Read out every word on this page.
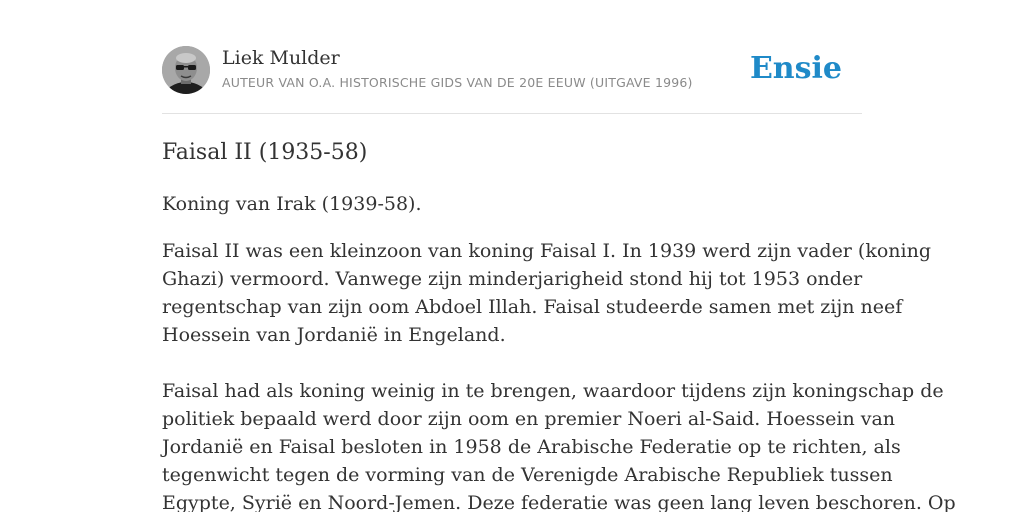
Liek Mulder
AUTEUR VAN O.A. HISTORISCHE GIDS VAN DE 20E EEUW (UITGAVE 1996) Ensie
Faisal II (1935-58)
Koning van Irak (1939-58).

Faisal II was een kleinzoon van koning Faisal I. In 1939 werd zijn vader (koning
Ghazi) vermoord. Vanwege zijn minderjarigheid stond hij tot 1953 onder
regentschap van zijn oom Abdoel Illah. Faisal studeerde samen met zijn neef
Hoessein van Jordanië in Engeland.

Faisal had als koning weinig in te brengen, waardoor tijdens zijn koningschap de
politiek bepaald werd door zijn oom en premier Noeri al-Said. Hoessein van
Jordanië en Faisal besloten in 1958 de Arabische Federatie op te richten, als
tegenwicht tegen de vorming van de Verenigde Arabische Republiek tussen
Egypte, Syrië en Noord-Jemen. Deze federatie was geen lang leven beschoren. Op
